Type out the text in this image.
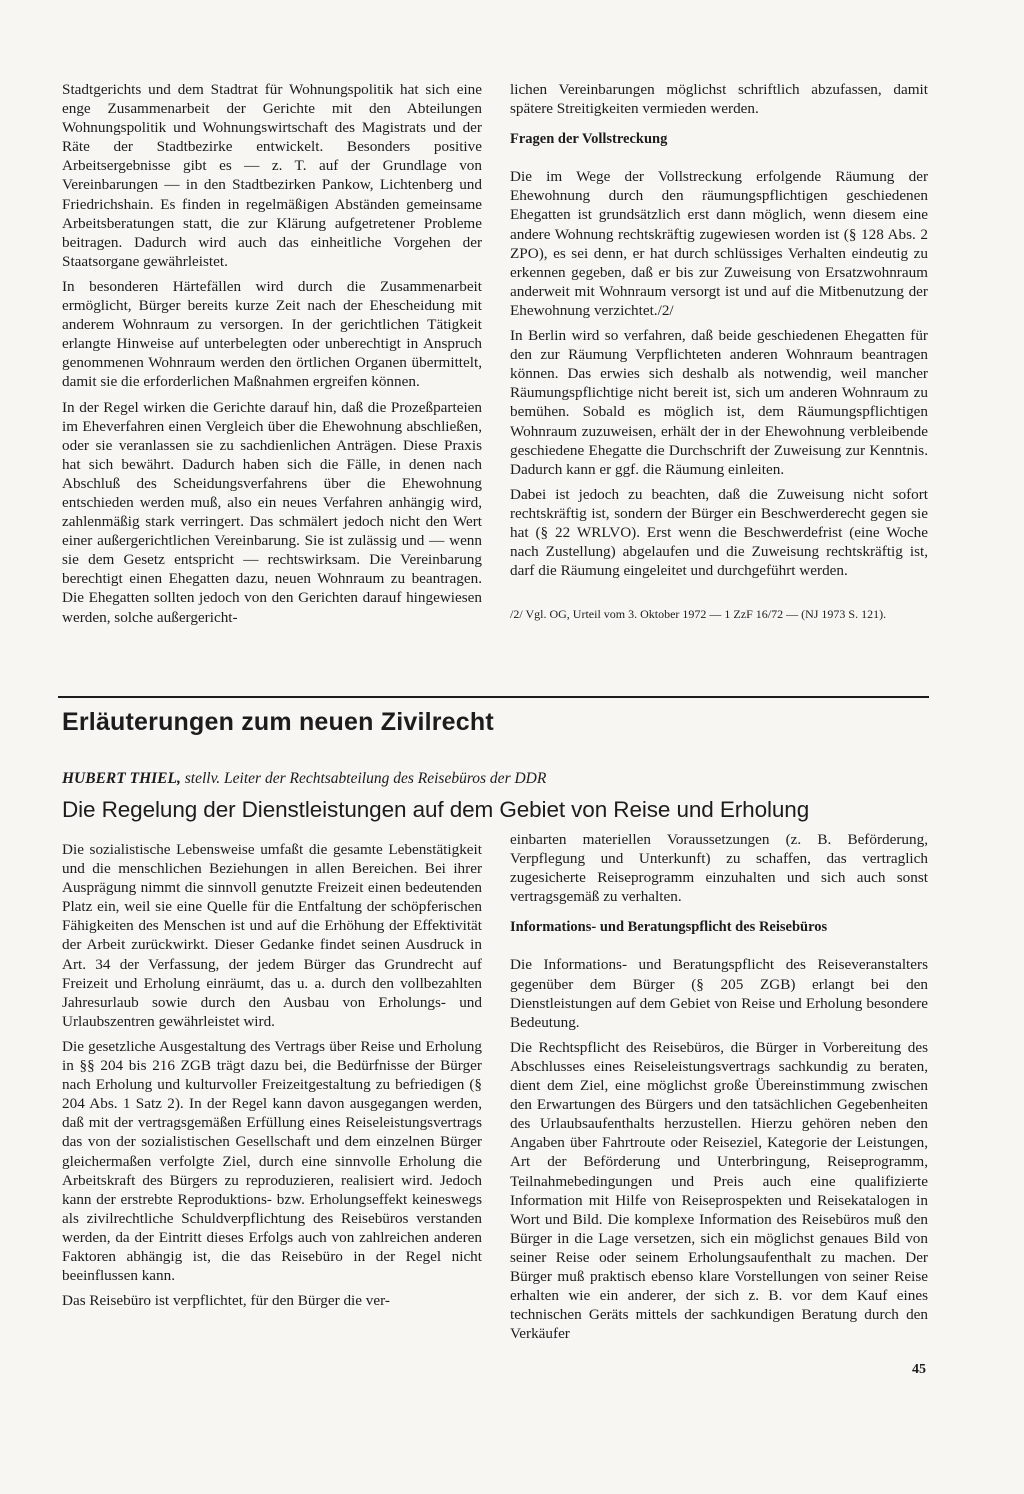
Stadtgerichts und dem Stadtrat für Wohnungspolitik hat sich eine enge Zusammenarbeit der Gerichte mit den Abteilungen Wohnungspolitik und Wohnungswirtschaft des Magistrats und der Räte der Stadtbezirke entwickelt. Besonders positive Arbeitsergebnisse gibt es — z. T. auf der Grundlage von Vereinbarungen — in den Stadtbezirken Pankow, Lichtenberg und Friedrichshain. Es finden in regelmäßigen Abständen gemeinsame Arbeitsberatungen statt, die zur Klärung aufgetretener Probleme beitragen. Dadurch wird auch das einheitliche Vorgehen der Staatsorgane gewährleistet.

In besonderen Härtefällen wird durch die Zusammenarbeit ermöglicht, Bürger bereits kurze Zeit nach der Ehescheidung mit anderem Wohnraum zu versorgen. In der gerichtlichen Tätigkeit erlangte Hinweise auf unterbelegten oder unberechtigt in Anspruch genommenen Wohnraum werden den örtlichen Organen übermittelt, damit sie die erforderlichen Maßnahmen ergreifen können.

In der Regel wirken die Gerichte darauf hin, daß die Prozeßparteien im Eheverfahren einen Vergleich über die Ehewohnung abschließen, oder sie veranlassen sie zu sachdienlichen Anträgen. Diese Praxis hat sich bewährt. Dadurch haben sich die Fälle, in denen nach Abschluß des Scheidungsverfahrens über die Ehewohnung entschieden werden muß, also ein neues Verfahren anhängig wird, zahlenmäßig stark verringert. Das schmälert jedoch nicht den Wert einer außergerichtlichen Vereinbarung. Sie ist zulässig und — wenn sie dem Gesetz entspricht — rechtswirksam. Die Vereinbarung berechtigt einen Ehegatten dazu, neuen Wohnraum zu beantragen. Die Ehegatten sollten jedoch von den Gerichten darauf hingewiesen werden, solche außergericht-

lichen Vereinbarungen möglichst schriftlich abzufassen, damit spätere Streitigkeiten vermieden werden.

Fragen der Vollstreckung

Die im Wege der Vollstreckung erfolgende Räumung der Ehewohnung durch den räumungspflichtigen geschiedenen Ehegatten ist grundsätzlich erst dann möglich, wenn diesem eine andere Wohnung rechtskräftig zugewiesen worden ist (§ 128 Abs. 2 ZPO), es sei denn, er hat durch schlüssiges Verhalten eindeutig zu erkennen gegeben, daß er bis zur Zuweisung von Ersatzwohnraum anderweit mit Wohnraum versorgt ist und auf die Mitbenutzung der Ehewohnung verzichtet./2/

In Berlin wird so verfahren, daß beide geschiedenen Ehegatten für den zur Räumung Verpflichteten anderen Wohnraum beantragen können. Das erwies sich deshalb als notwendig, weil mancher Räumungspflichtige nicht bereit ist, sich um anderen Wohnraum zu bemühen. Sobald es möglich ist, dem Räumungspflichtigen Wohnraum zuzuweisen, erhält der in der Ehewohnung verbleibende geschiedene Ehegatte die Durchschrift der Zuweisung zur Kenntnis. Dadurch kann er ggf. die Räumung einleiten.

Dabei ist jedoch zu beachten, daß die Zuweisung nicht sofort rechtskräftig ist, sondern der Bürger ein Beschwerderecht gegen sie hat (§ 22 WRLVO). Erst wenn die Beschwerdefrist (eine Woche nach Zustellung) abgelaufen und die Zuweisung rechtskräftig ist, darf die Räumung eingeleitet und durchgeführt werden.

/2/ Vgl. OG, Urteil vom 3. Oktober 1972 — 1 ZzF 16/72 — (NJ 1973 S. 121).

Erläuterungen zum neuen Zivilrecht

HUBERT THIEL, stellv. Leiter der Rechtsabteilung des Reisebüros der DDR

Die Regelung der Dienstleistungen auf dem Gebiet von Reise und Erholung

Die sozialistische Lebensweise umfaßt die gesamte Lebenstätigkeit und die menschlichen Beziehungen in allen Bereichen. Bei ihrer Ausprägung nimmt die sinnvoll genutzte Freizeit einen bedeutenden Platz ein, weil sie eine Quelle für die Entfaltung der schöpferischen Fähigkeiten des Menschen ist und auf die Erhöhung der Effektivität der Arbeit zurückwirkt. Dieser Gedanke findet seinen Ausdruck in Art. 34 der Verfassung, der jedem Bürger das Grundrecht auf Freizeit und Erholung einräumt, das u. a. durch den vollbezahlten Jahresurlaub sowie durch den Ausbau von Erholungs- und Urlaubszentren gewährleistet wird.

Die gesetzliche Ausgestaltung des Vertrags über Reise und Erholung in §§ 204 bis 216 ZGB trägt dazu bei, die Bedürfnisse der Bürger nach Erholung und kulturvoller Freizeitgestaltung zu befriedigen (§ 204 Abs. 1 Satz 2). In der Regel kann davon ausgegangen werden, daß mit der vertragsgemäßen Erfüllung eines Reiseleistungsvertrags das von der sozialistischen Gesellschaft und dem einzelnen Bürger gleichermaßen verfolgte Ziel, durch eine sinnvolle Erholung die Arbeitskraft des Bürgers zu reproduzieren, realisiert wird. Jedoch kann der erstrebte Reproduktions- bzw. Erholungseffekt keineswegs als zivilrechtliche Schuldverpflichtung des Reisebüros verstanden werden, da der Eintritt dieses Erfolgs auch von zahlreichen anderen Faktoren abhängig ist, die das Reisebüro in der Regel nicht beeinflussen kann.

Das Reisebüro ist verpflichtet, für den Bürger die ver-

einbarten materiellen Voraussetzungen (z. B. Beförderung, Verpflegung und Unterkunft) zu schaffen, das vertraglich zugesicherte Reiseprogramm einzuhalten und sich auch sonst vertragsgemäß zu verhalten.

Informations- und Beratungspflicht des Reisebüros

Die Informations- und Beratungspflicht des Reiseveranstalters gegenüber dem Bürger (§ 205 ZGB) erlangt bei den Dienstleistungen auf dem Gebiet von Reise und Erholung besondere Bedeutung.

Die Rechtspflicht des Reisebüros, die Bürger in Vorbereitung des Abschlusses eines Reiseleistungsvertrags sachkundig zu beraten, dient dem Ziel, eine möglichst große Übereinstimmung zwischen den Erwartungen des Bürgers und den tatsächlichen Gegebenheiten des Urlaubsaufenthalts herzustellen. Hierzu gehören neben den Angaben über Fahrtroute oder Reiseziel, Kategorie der Leistungen, Art der Beförderung und Unterbringung, Reiseprogramm, Teilnahmebedingungen und Preis auch eine qualifizierte Information mit Hilfe von Reiseprospekten und Reisekatalogen in Wort und Bild. Die komplexe Information des Reisebüros muß den Bürger in die Lage versetzen, sich ein möglichst genaues Bild von seiner Reise oder seinem Erholungsaufenthalt zu machen. Der Bürger muß praktisch ebenso klare Vorstellungen von seiner Reise erhalten wie ein anderer, der sich z. B. vor dem Kauf eines technischen Geräts mittels der sachkundigen Beratung durch den Verkäufer

45
